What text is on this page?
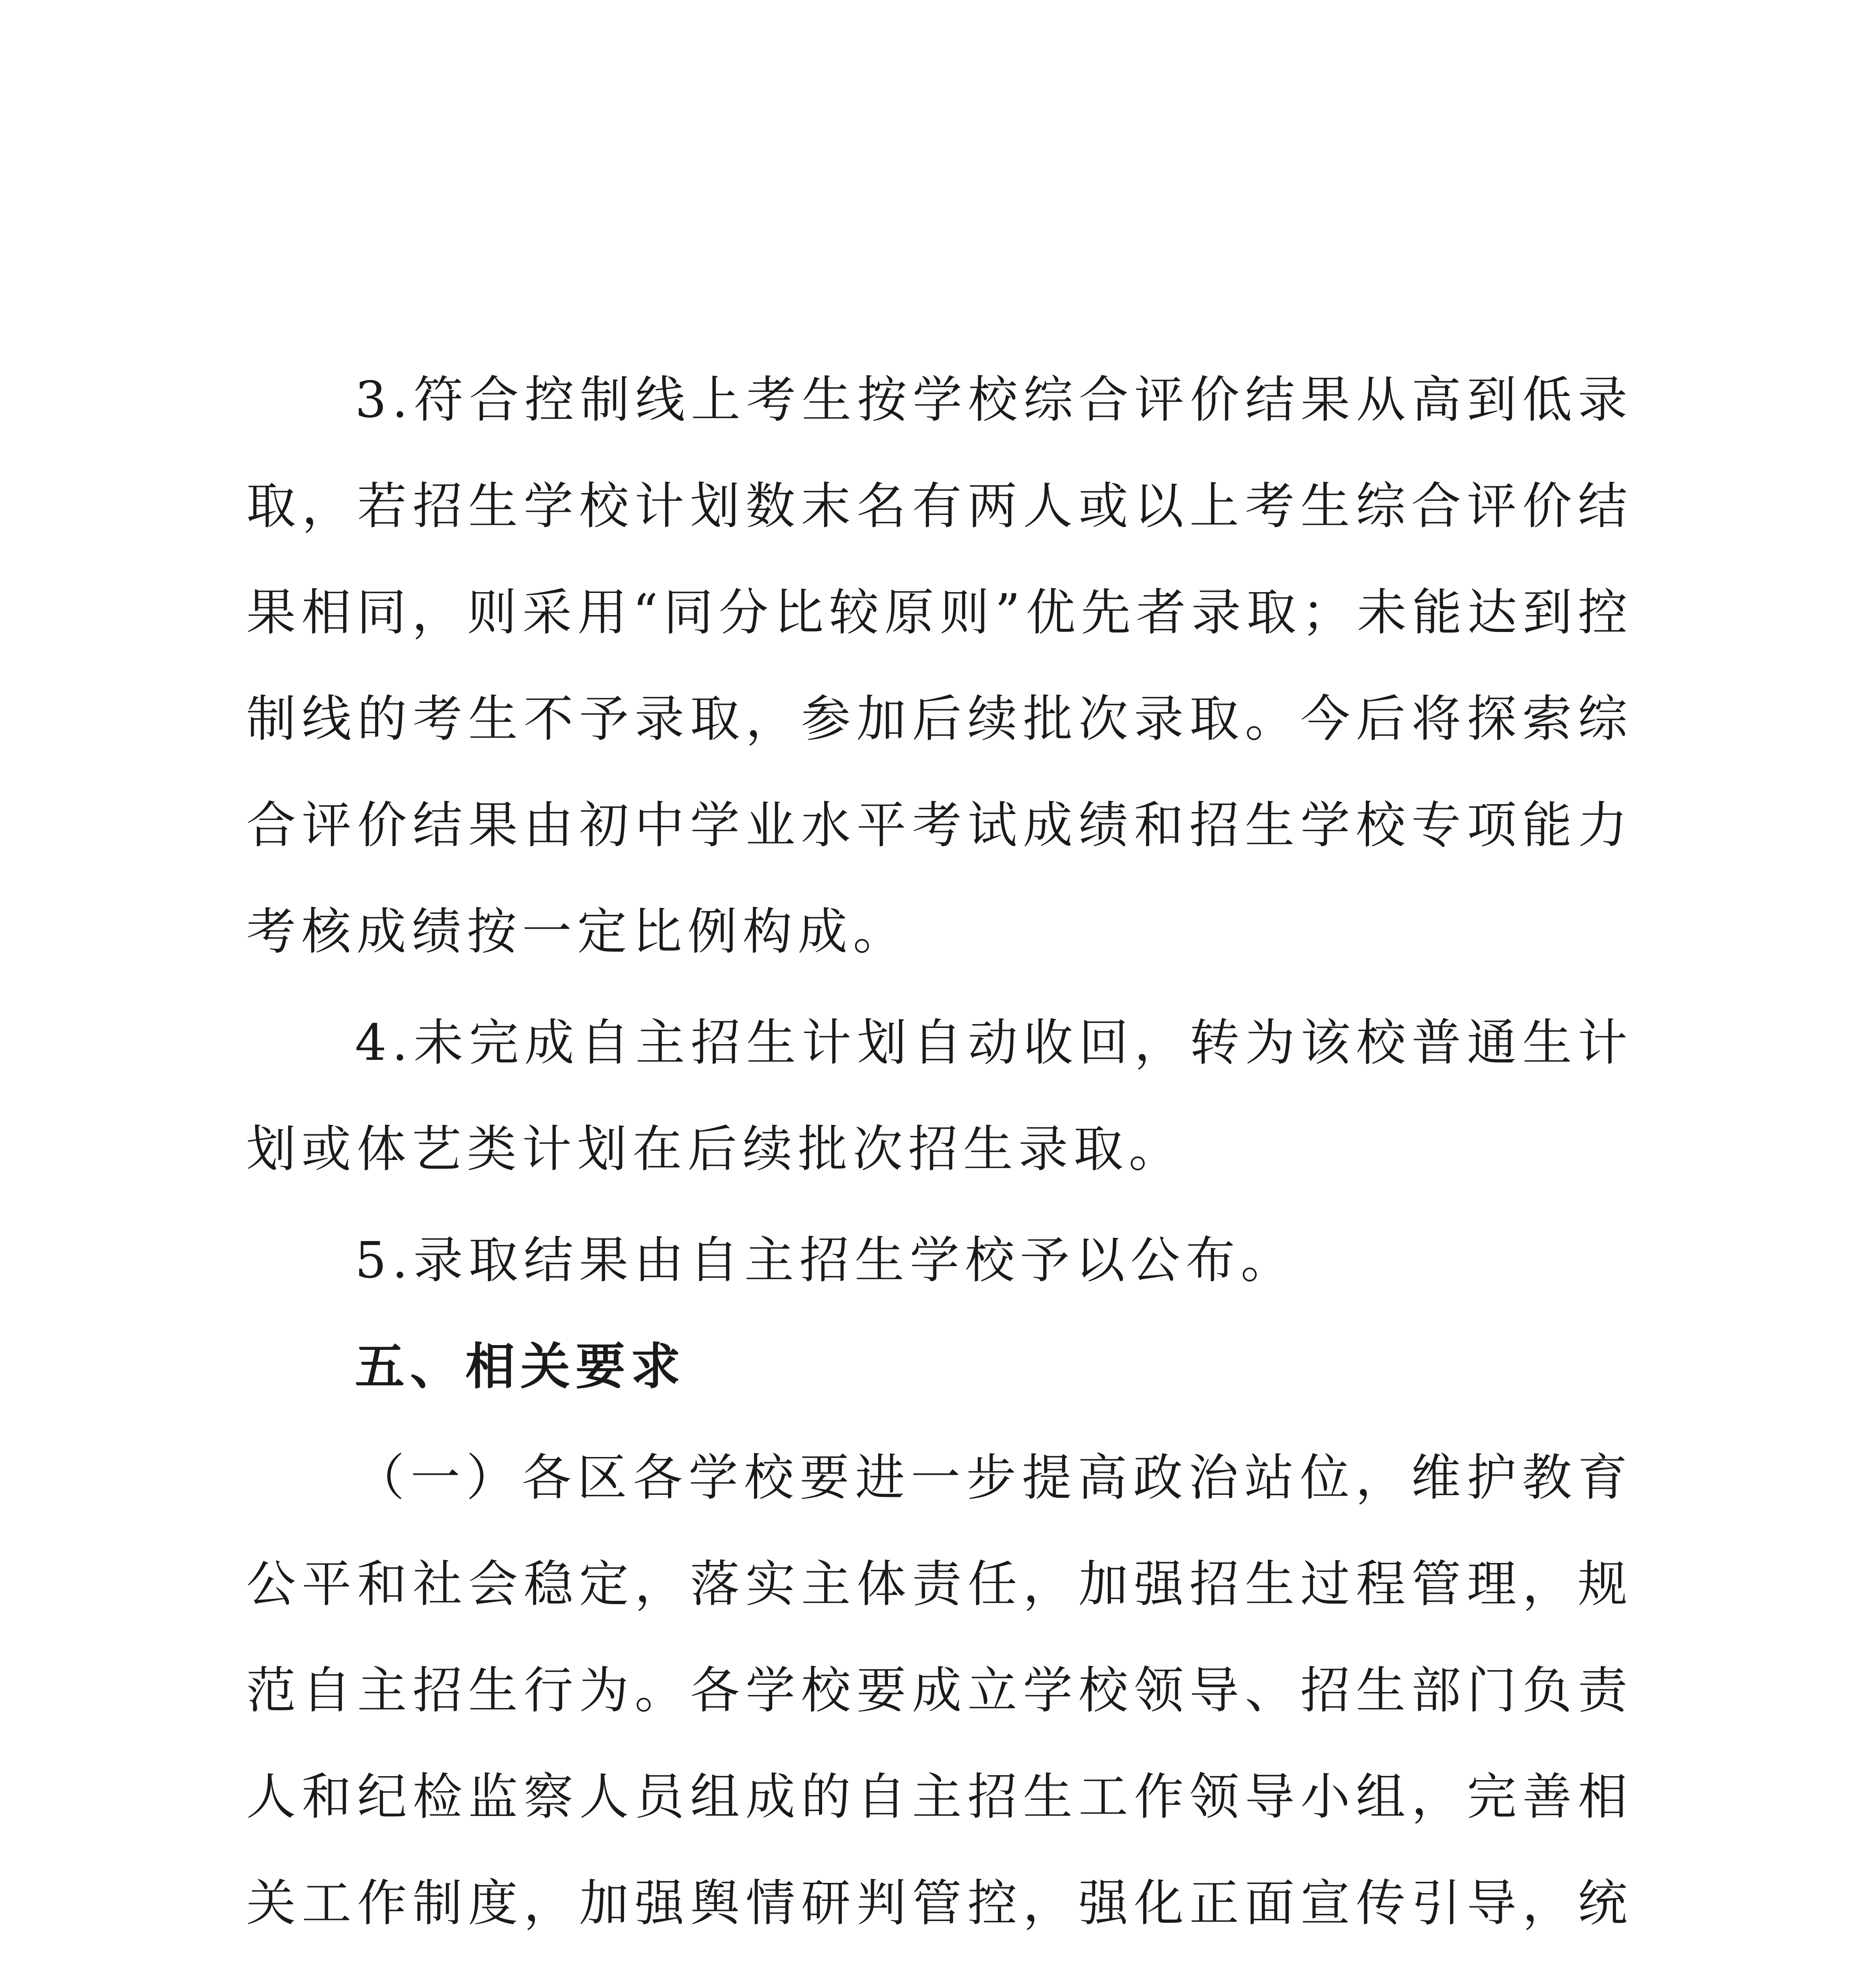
3.符合控制线上考生按学校综合评价结果从高到低录取，若招生学校计划数末名有两人或以上考生综合评价结果相同，则采用“同分比较原则”优先者录取；未能达到控制线的考生不予录取，参加后续批次录取。今后将探索综合评价结果由初中学业水平考试成绩和招生学校专项能力考核成绩按一定比例构成。

4.未完成自主招生计划自动收回，转为该校普通生计划或体艺类计划在后续批次招生录取。

5.录取结果由自主招生学校予以公布。

五、相关要求

（一）各区各学校要进一步提高政治站位，维护教育公平和社会稳定，落实主体责任，加强招生过程管理，规范自主招生行为。各学校要成立学校领导、招生部门负责人和纪检监察人员组成的自主招生工作领导小组，完善相关工作制度，加强舆情研判管控，强化正面宣传引导，统
